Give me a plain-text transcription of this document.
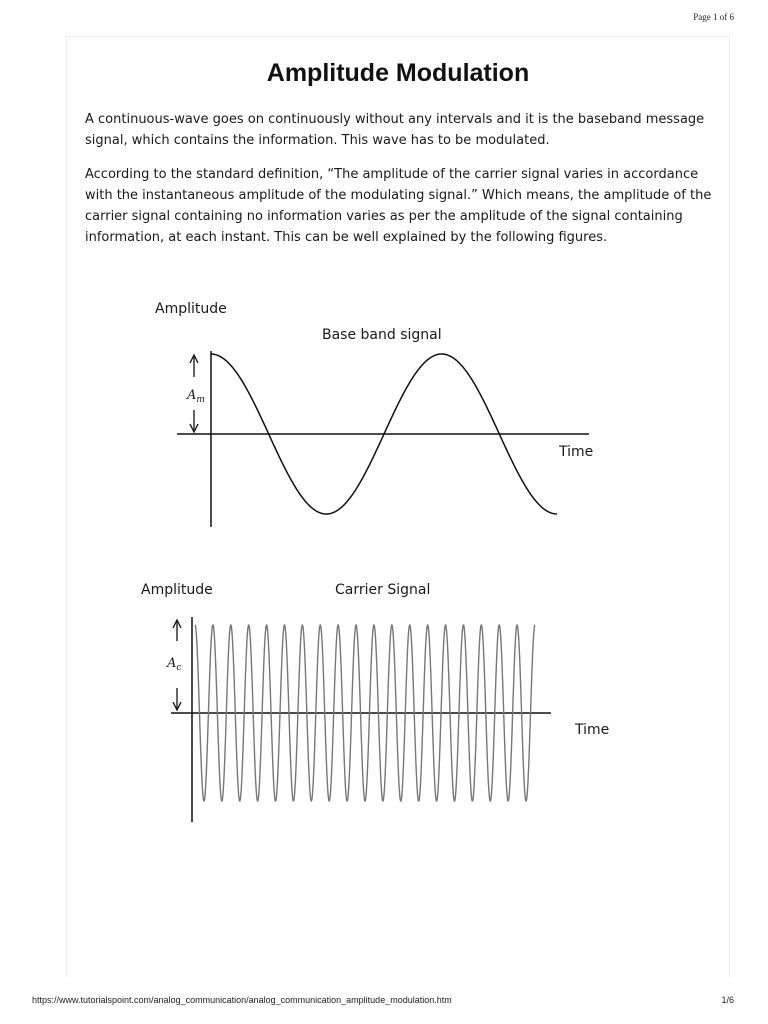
Page 1 of 6
Amplitude Modulation

A continuous-wave goes on continuously without any intervals and it is the baseband message signal, which contains the information. This wave has to be modulated.

According to the standard definition, “The amplitude of the carrier signal varies in accordance with the instantaneous amplitude of the modulating signal.” Which means, the amplitude of the carrier signal containing no information varies as per the amplitude of the signal containing information, at each instant. This can be well explained by the following figures.

Amplitude
Base band signal
Am
Time
Amplitude	Carrier Signal
Ac
Time
https://www.tutorialspoint.com/analog_communication/analog_communication_amplitude_modulation.htm	1/6
